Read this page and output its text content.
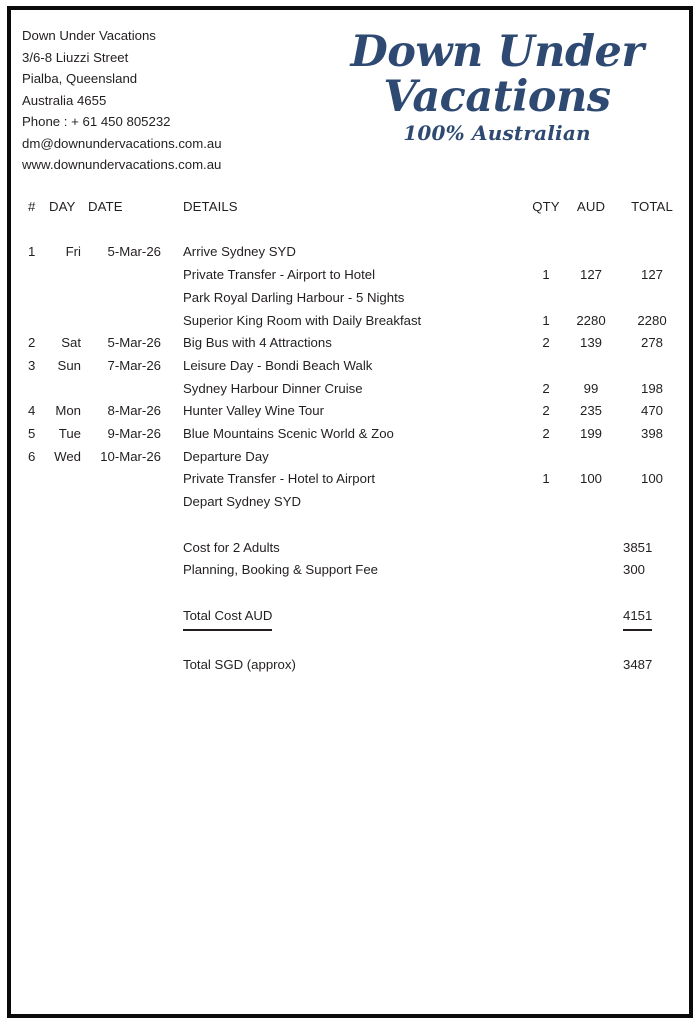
Down Under Vacations
3/6-8 Liuzzi Street
Pialba, Queensland
Australia 4655
Phone : + 61 450 805232
dm@downundervacations.com.au
www.downundervacations.com.au
Down Under
Vacations
100% Australian
#	DAY	DATE	DETAILS	QTY	AUD	TOTAL

1	Fri	5-Mar-26	Arrive Sydney SYD			
			Private Transfer - Airport to Hotel	1	127	127
			Park Royal Darling Harbour - 5 Nights			
			Superior King Room with Daily Breakfast	1	2280	2280
2	Sat	5-Mar-26	Big Bus with 4 Attractions	2	139	278
3	Sun	7-Mar-26	Leisure Day - Bondi Beach Walk			
			Sydney Harbour Dinner Cruise	2	99	198
4	Mon	8-Mar-26	Hunter Valley Wine Tour	2	235	470
5	Tue	9-Mar-26	Blue Mountains Scenic World & Zoo	2	199	398
6	Wed	10-Mar-26	Departure Day			
			Private Transfer - Hotel to Airport	1	100	100
			Depart Sydney SYD			

			Cost for 2 Adults			3851
			Planning, Booking & Support Fee			300

			Total Cost AUD			4151

			Total SGD (approx)			3487
